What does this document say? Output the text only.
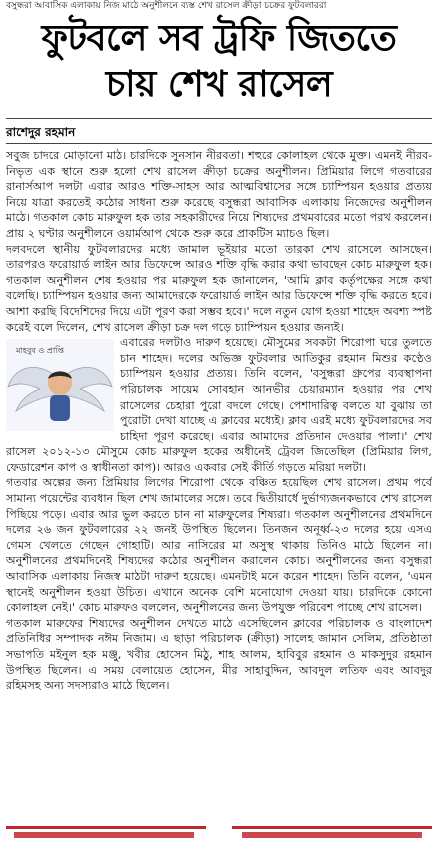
বসুন্ধরা আবাসিক এলাকায় নিজ মাঠে অনুশীলনে ব্যস্ত শেখ রাসেল ক্রীড়া চক্রের ফুটবলাররা
ফুটবলে সব ট্রফি জিততে
চায় শেখ রাসেল
রাশেদুর রহমান

সবুজ চাদরে মোড়ানো মাঠ। চারদিকে সুনসান নীরবতা। শহুরে কোলাহল থেকে মুক্ত। এমনই নীরব-নিভৃত এক স্থানে শুরু হলো শেখ রাসেল ক্রীড়া চক্রের অনুশীলন। প্রিমিয়ার লিগে গতবারের রানার্সআপ দলটা এবার আরও শক্তি-সাহস আর আত্মবিশ্বাসের সঙ্গে চ্যাম্পিয়ন হওয়ার প্রত্যয় নিয়ে যাত্রা করতেই কঠোর সাধনা শুরু করেছে বসুন্ধরা আবাসিক এলাকায় নিজেদের অনুশীলন মাঠে। গতকাল কোচ মারুফুল হক তার সহকারীদের নিয়ে শিষ্যদের প্রথমবারের মতো পরখ করলেন। প্রায় ২ ঘণ্টার অনুশীলনে ওয়ার্মআপ থেকে শুরু করে প্রাকটিস ম্যাচও ছিল।

দলবদলে স্থানীয় ফুটবলারদের মধ্যে জামাল ভূইয়ার মতো তারকা শেখ রাসেলে আসছেন। তারপরও ফরোয়ার্ড লাইন আর ডিফেন্সে আরও শক্তি বৃদ্ধি করার কথা ভাবছেন কোচ মারুফুল হক। গতকাল অনুশীলন শেষ হওয়ার পর মারুফুল হক জানালেন, 'আমি ক্লাব কর্তৃপক্ষের সঙ্গে কথা বলেছি। চ্যাম্পিয়ন হওয়ার জন্য আমাদেরকে ফরোয়ার্ড লাইন আর ডিফেন্সে শক্তি বৃদ্ধি করতে হবে। আশা করছি বিদেশিদের দিয়ে এটা পূরণ করা সম্ভব হবে।' দলে নতুন যোগ হওয়া শাহেদ অবশ্য স্পষ্ট করেই বলে দিলেন, শেখ রাসেল ক্রীড়া চক্র দল গড়ে চ্যাম্পিয়ন হওয়ার জন্যই।

মাহবুব ও প্রাপ্তি

এবারের দলটাও দারুণ হয়েছে। মৌসুমের সবকটা শিরোপা ঘরে তুলতে চান শাহেদ। দলের অভিজ্ঞ ফুটবলার আতিকুর রহমান মিশুর কণ্ঠেও চ্যাম্পিয়ন হওয়ার প্রত্যয়। তিনি বলেন, 'বসুন্ধরা গ্রুপের ব্যবস্থাপনা পরিচালক সায়েম সোবহান আনভীর চেয়ারম্যান হওয়ার পর শেখ রাসেলের চেহারা পুরো বদলে গেছে। পেশাদারিত্ব বলতে যা বুঝায় তা পুরোটা দেখা যাচ্ছে এ ক্লাবের মধ্যেই। ক্লাব এরই মধ্যে ফুটবলারদের সব চাহিদা পূরণ করেছে। এবার আমাদের প্রতিদান দেওয়ার পালা।' শেখ রাসেল ২০১২-১৩ মৌসুমে কোচ মারুফুল হকের অধীনেই ট্রেবল জিতেছিল (প্রিমিয়ার লিগ, ফেডারেশন কাপ ও স্বাধীনতা কাপ)। আরও একবার সেই কীর্তি গড়তে মরিয়া দলটা।

গতবার অল্পের জন্য প্রিমিয়ার লিগের শিরোপা থেকে বঞ্চিত হয়েছিল শেখ রাসেল। প্রথম পর্বে সামান্য পয়েন্টের ব্যবধান ছিল শেখ জামালের সঙ্গে। তবে দ্বিতীয়ার্ধে দুর্ভাগ্যজনকভাবে শেখ রাসেল পিছিয়ে পড়ে। এবার আর ভুল করতে চান না মারুফুলের শিষ্যরা। গতকাল অনুশীলনের প্রথমদিনে দলের ২৬ জন ফুটবলারের ২২ জনই উপস্থিত ছিলেন। তিনজন অনূর্ধ্ব-২৩ দলের হয়ে এসএ গেমস খেলতে গেছেন গোহাটি। আর নাসিরের মা অসুস্থ থাকায় তিনিও মাঠে ছিলেন না। অনুশীলনের প্রথমদিনেই শিষ্যদের কঠোর অনুশীলন করালেন কোচ। অনুশীলনের জন্য বসুন্ধরা আবাসিক এলাকায় নিজস্ব মাঠটা দারুণ হয়েছে। এমনটাই মনে করেন শাহেদ। তিনি বলেন, 'এমন স্থানেই অনুশীলন হওয়া উচিত। এখানে অনেক বেশি মনোযোগ দেওয়া যায়। চারদিকে কোনো কোলাহল নেই।' কোচ মারুফও বললেন, অনুশীলনের জন্য উপযুক্ত পরিবেশ পাচ্ছে শেখ রাসেল।

গতকাল মারুফের শিষ্যদের অনুশীলন দেখতে মাঠে এসেছিলেন ক্লাবের পরিচালক ও বাংলাদেশ প্রতিনিধির সম্পাদক নঈম নিজাম। এ ছাড়া পরিচালক (ক্রীড়া) সালেহ জামান সেলিম, প্রতিষ্ঠাতা সভাপতি মইনুল হক মঞ্জু, খবীর হোসেন মিঠু, শাহ আলম, হাবিবুর রহমান ও মাকসুদুর রহমান উপস্থিত ছিলেন। এ সময় বেলায়েত হোসেন, মীর সাহাবুদ্দিন, আবদুল লতিফ এবং আবদুর রহিমসহ অন্য সদস্যরাও মাঠে ছিলেন।
